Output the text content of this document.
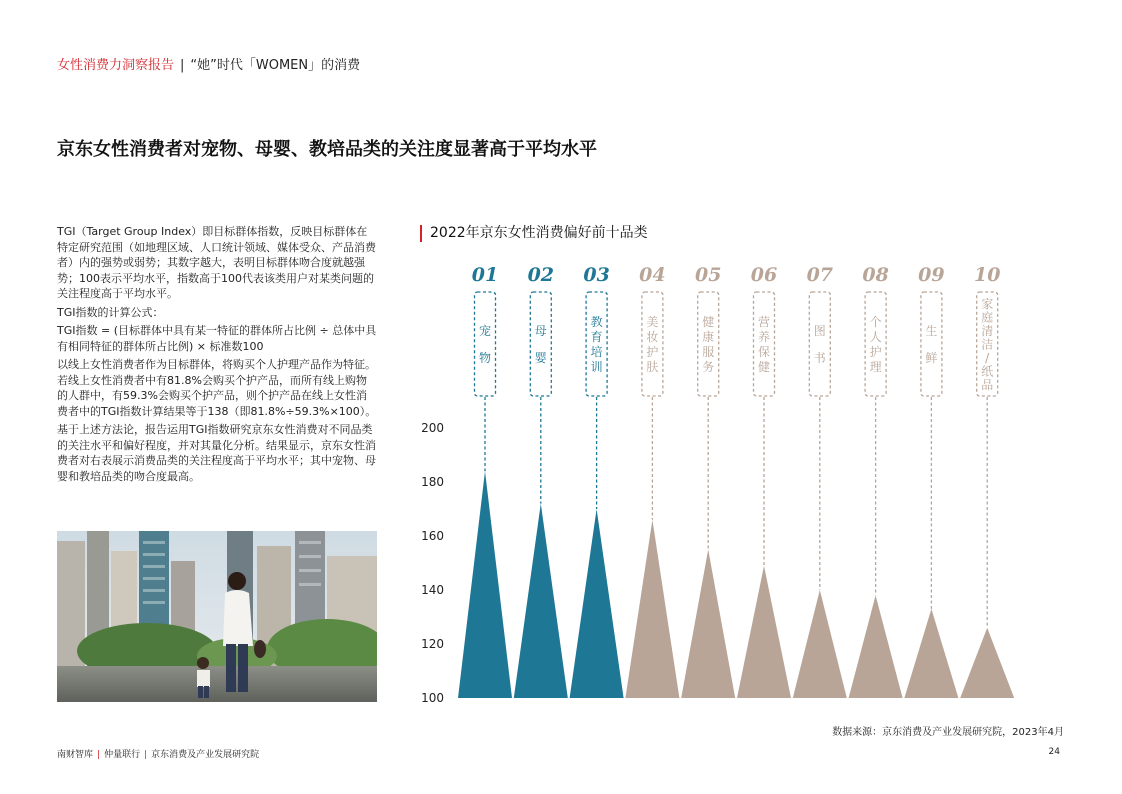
女性消费力洞察报告 | “她”时代「WOMEN」的消费
京东女性消费者对宠物、母婴、教培品类的关注度显著高于平均水平

TGI（Target Group Index）即目标群体指数，反映目标群体在特定研究范围（如地理区域、人口统计领域、媒体受众、产品消费者）内的强势或弱势；其数字越大，表明目标群体吻合度就越强势；100表示平均水平，指数高于100代表该类用户对某类问题的关注程度高于平均水平。

TGI指数的计算公式：

TGI指数 = (目标群体中具有某一特征的群体所占比例 ÷ 总体中具有相同特征的群体所占比例) × 标准数100

以线上女性消费者作为目标群体，将购买个人护理产品作为特征。若线上女性消费者中有81.8%会购买个护产品，而所有线上购物的人群中，有59.3%会购买个护产品，则个护产品在线上女性消费者中的TGI指数计算结果等于138（即81.8%÷59.3%×100）。

基于上述方法论，报告运用TGI指数研究京东女性消费对不同品类的关注水平和偏好程度，并对其量化分析。结果显示，京东女性消费者对右表展示消费品类的关注程度高于平均水平；其中宠物、母婴和教培品类的吻合度最高。

2022年京东女性消费偏好前十品类
100
120
140
160
180
200
01
宠
物
02
母
婴
03
教
育
培
训
04
美
妆
护
肤
05
健
康
服
务
06
营
养
保
健
07
图
书
08
个
人
护
理
09
生
鲜
10
家
庭
清
洁
/
纸
品
数据来源：京东消费及产业发展研究院，2023年4月
南财智库 | 仲量联行 | 京东消费及产业发展研究院	24
